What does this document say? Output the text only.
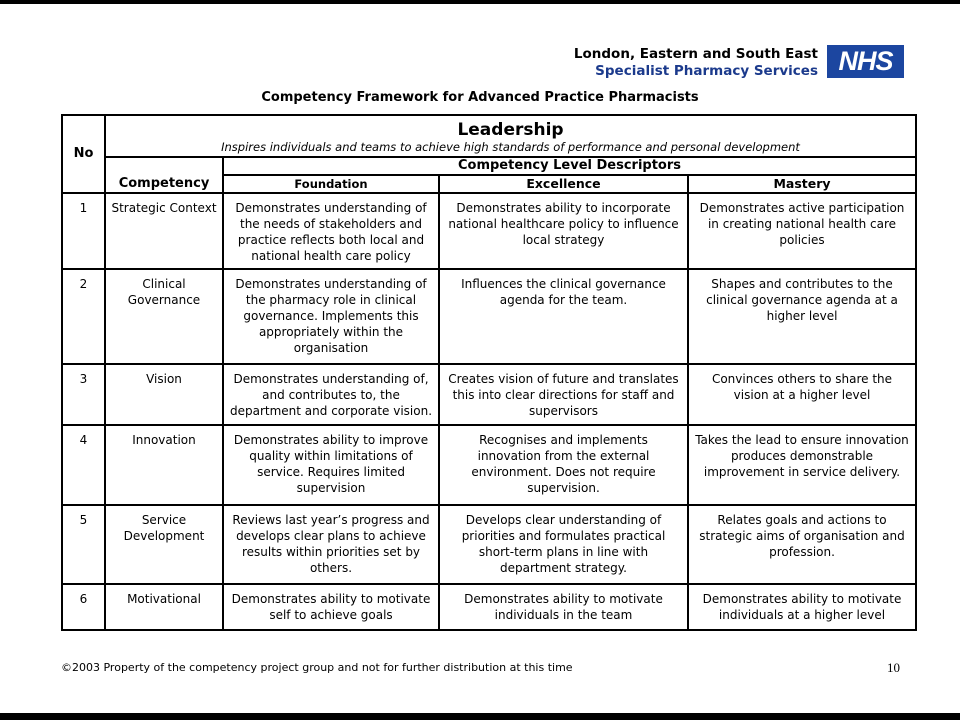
London, Eastern and South East
Specialist Pharmacy Services NHS
Competency Framework for Advanced Practice Pharmacists
No	Leadership
Inspires individuals and teams to achieve high standards of performance and personal development			

	Competency	Competency Level Descriptors		
		Foundation	Excellence	Mastery
1	Strategic Context	Demonstrates understanding of the needs of stakeholders and practice reflects both local and national health care policy	Demonstrates ability to incorporate national healthcare policy to influence local strategy	Demonstrates active participation in creating national health care policies
2	Clinical Governance	Demonstrates understanding of the pharmacy role in clinical governance. Implements this appropriately within the organisation	Influences the clinical governance agenda for the team.	Shapes and contributes to the clinical governance agenda at a higher level
3	Vision	Demonstrates understanding of, and contributes to, the department and corporate vision.	Creates vision of future and translates this into clear directions for staff and supervisors	Convinces others to share the vision at a higher level
4	Innovation	Demonstrates ability to improve quality within limitations of service. Requires limited supervision	Recognises and implements innovation from the external environment. Does not require supervision.	Takes the lead to ensure innovation produces demonstrable improvement in service delivery.
5	Service Development	Reviews last year’s progress and develops clear plans to achieve results within priorities set by others.	Develops clear understanding of priorities and formulates practical short-term plans in line with department strategy.	Relates goals and actions to strategic aims of organisation and profession.
6	Motivational	Demonstrates ability to motivate self to achieve goals	Demonstrates ability to motivate individuals in the team	Demonstrates ability to motivate individuals at a higher level
©2003 Property of the competency project group and not for further distribution at this time	10
